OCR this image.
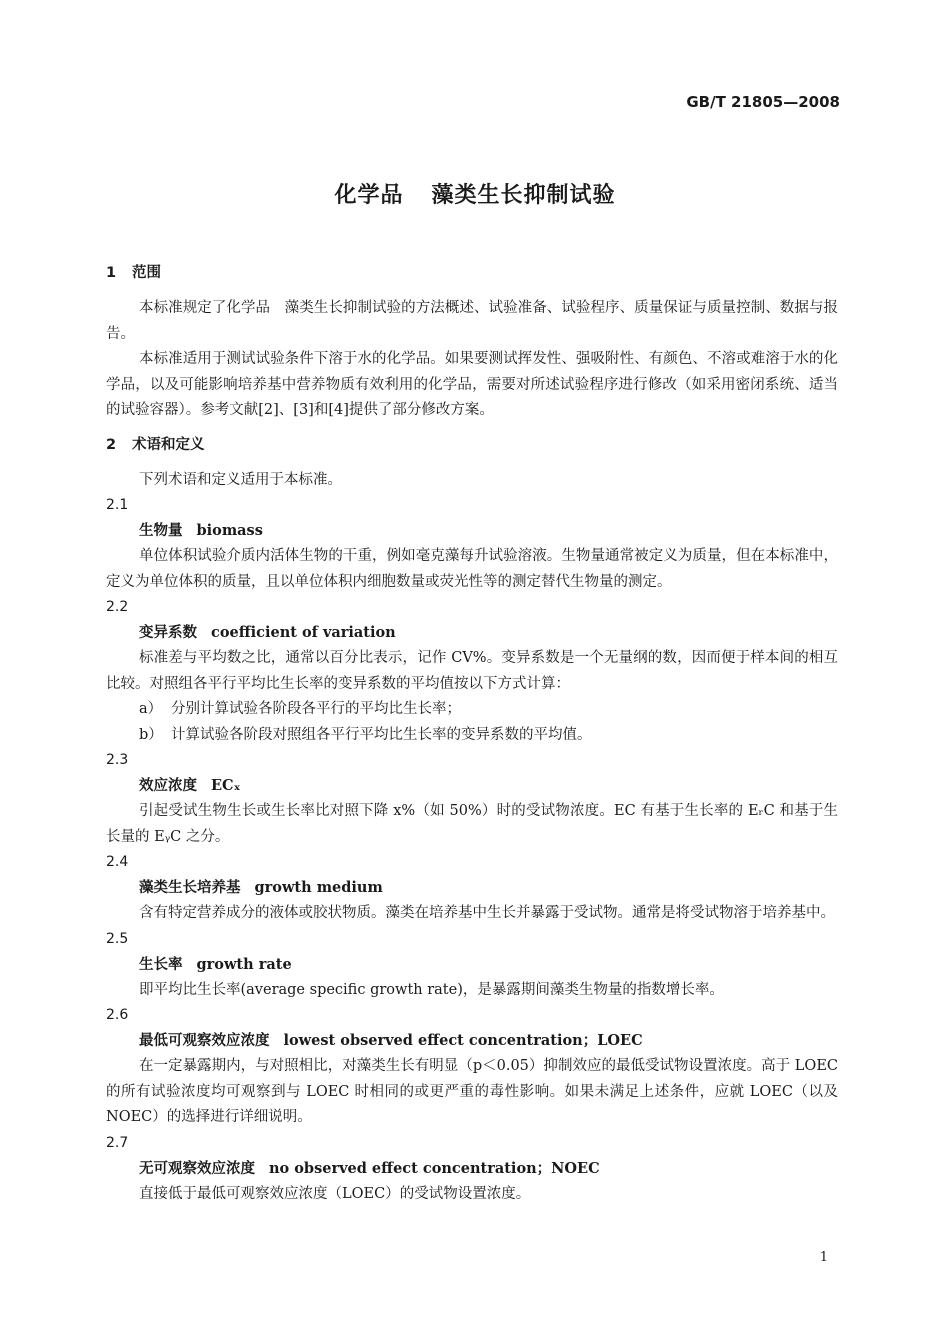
GB/T 21805—2008
化学品 藻类生长抑制试验
1 范围

本标准规定了化学品　藻类生长抑制试验的方法概述、试验准备、试验程序、质量保证与质量控制、数据与报告。

本标准适用于测试试验条件下溶于水的化学品。如果要测试挥发性、强吸附性、有颜色、不溶或难溶于水的化学品，以及可能影响培养基中营养物质有效利用的化学品，需要对所述试验程序进行修改（如采用密闭系统、适当的试验容器）。参考文献[2]、[3]和[4]提供了部分修改方案。

2 术语和定义

下列术语和定义适用于本标准。

2.1
生物量 biomass

单位体积试验介质内活体生物的干重，例如毫克藻每升试验溶液。生物量通常被定义为质量，但在本标准中，定义为单位体积的质量，且以单位体积内细胞数量或荧光性等的测定替代生物量的测定。

2.2
变异系数 coefficient of variation

标准差与平均数之比，通常以百分比表示，记作 CV%。变异系数是一个无量纲的数，因而便于样本间的相互比较。对照组各平行平均比生长率的变异系数的平均值按以下方式计算：

a） 分别计算试验各阶段各平行的平均比生长率；
b） 计算试验各阶段对照组各平行平均比生长率的变异系数的平均值。
2.3
效应浓度 ECₓ

引起受试生物生长或生长率比对照下降 x%（如 50%）时的受试物浓度。EC 有基于生长率的 EᵣC 和基于生长量的 EᵧC 之分。

2.4
藻类生长培养基 growth medium

含有特定营养成分的液体或胶状物质。藻类在培养基中生长并暴露于受试物。通常是将受试物溶于培养基中。

2.5
生长率 growth rate

即平均比生长率(average specific growth rate)，是暴露期间藻类生物量的指数增长率。

2.6
最低可观察效应浓度 lowest observed effect concentration；LOEC

在一定暴露期内，与对照相比，对藻类生长有明显（p＜0.05）抑制效应的最低受试物设置浓度。高于 LOEC 的所有试验浓度均可观察到与 LOEC 时相同的或更严重的毒性影响。如果未满足上述条件，应就 LOEC（以及 NOEC）的选择进行详细说明。

2.7
无可观察效应浓度 no observed effect concentration；NOEC

直接低于最低可观察效应浓度（LOEC）的受试物设置浓度。

1
